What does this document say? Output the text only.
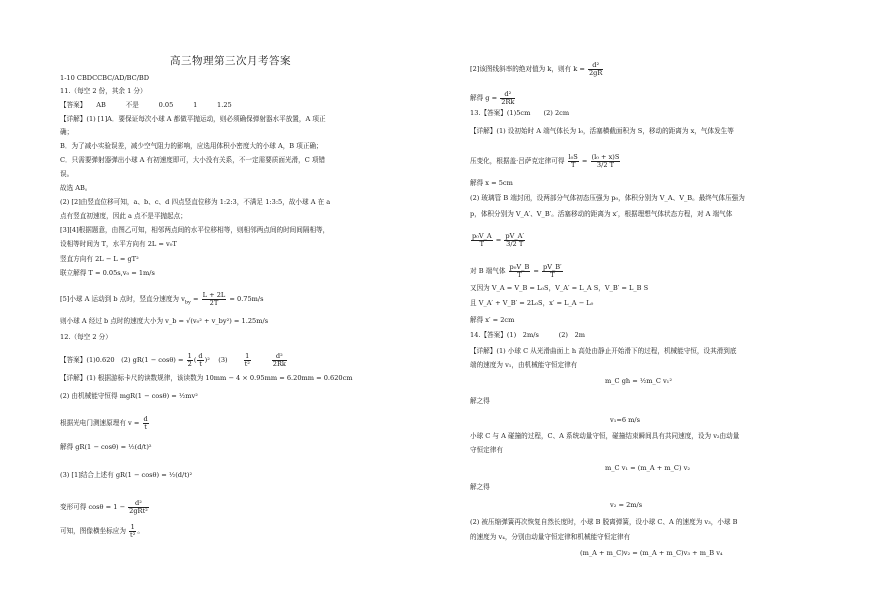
高三物理第三次月考答案
1-10 CBDCCBC/AD/BC/BD
11.（每空 2 份，其余 1 分）
【答案】　　AB　　　不是　　　0.05　　　1　　　1.25
【详解】(1) [1]A．要保证每次小球 A 都做平抛运动，则必须确保弹射器水平放置，A 项正
确；
B．为了减小实验误差，减少空气阻力的影响，应选用体积小密度大的小球 A，B 项正确；
C．只需要弹射器弹出小球 A 有初速度即可，大小没有关系，不一定需要质面光滑，C 项错
误。
故选 AB。
(2) [2]由竖直位移可知，a、b、c、d 四点竖直位移为 1:2:3，不满足 1:3:5，故小球 A 在 a
点有竖直初速度，因此 a 点不是平抛起点；
[3][4]根据题意，由图乙可知，相邻两点间的水平位移相等，则相邻两点间的时间间隔相等，
设相等时间为 T，水平方向有 2L = v₀T
竖直方向有 2L − L = gT²
联立解得 T = 0.05s,v₀ = 1m/s
[5]小球 A 运动到 b 点时，竖直分速度为 $v_{by} = \frac{L + 2L}{2T} = 0.75m/s$
则小球 A 经过 b 点时的速度大小为 v_b = √(v₀² + v_by²) = 1.25m/s
12.（每空 2 分）
【答案】(1)0.620　(2) $gR(1 - \cos\theta) = \frac{1}{2}$ ( $\frac{d}{t} )^2$    (3)　 $\frac{1}{\text{t²}}$
	$\frac{\text{d²}}{2Rk}$
【详解】(1) 根据游标卡尺的读数规律，该读数为 10mm − 4 × 0.95mm = 6.20mm = 0.620cm
(2) 由机械能守恒得 mgR(1 − cosθ) = ½mv²
根据光电门测速原理有 $v = \frac{d}{t}$
解得 gR(1 − cosθ) = ½(d/t)²
(3) [1]结合上述有 gR(1 − cosθ) = ½(d/t)²
变形可得 $\cos\theta = 1 - \frac{\text{d²}}{\text{2gRt²}}$
可知，图像横坐标应为 $\frac{1}{\text{t²}}$ 。
[2]该图线斜率的绝对值为 k，则有 $k = \frac{\text{d²}}{2gR}$
解得 $g = \frac{\text{d²}}{2Rk}$
13.【答案】(1)5cm　　(2) 2cm
【详解】(1) 设初始时 A 端气体长为 l₀，活塞横截面积为 S，移动的距离为 x，气体发生等
压变化，根据盖·吕萨克定律可得 $\frac{\text{l₀S}}{T} = \frac{\text{(l₀ + x)S}}{3/2 T}$
解得 x = 5cm
(2) 玻璃管 B 端封闭，设两部分气体初态压强为 p₀，体积分别为 V_A、V_B。最终气体压强为
p，体积分别为 V_A′、V_B′。活塞移动的距离为 x′，根据理想气体状态方程，对 A 端气体
$\frac{\text{p₀V\_A}}{T} = \frac{pV\_A'}{3/2 T}$
对 B 端气体 $\frac{\text{p₀V\_B}}{T} = \frac{pV\_B'}{T}$
又因为 V_A = V_B = L₀S，V_A′ = L_A S，V_B′ = L_B S
且 V_A′ + V_B′ = 2L₀S，x′ = L_A − L₀
解得 x′ = 2cm
14.【答案】(1)　2m/s　　　(2)　2m
【详解】(1) 小球 C 从光滑曲面上 h 高处由静止开始滑下的过程，机械能守恒，设其滑到底
端的速度为 v₁，由机械能守恒定律有
m_C gh = ½m_C v₁²
解之得
v₁=6 m/s
小球 C 与 A 碰撞的过程，C、A 系统动量守恒，碰撞结束瞬间具有共同速度，设为 v₂由动量
守恒定律有
m_C v₁ = (m_A + m_C) v₂
解之得
v₂ = 2m/s
(2) 被压缩弹簧再次恢复自然长度时，小球 B 脱离弹簧，设小球 C、A 的速度为 v₃，小球 B
的速度为 v₄，分别由动量守恒定律和机械能守恒定律有
(m_A + m_C)v₂ = (m_A + m_C)v₃ + m_B v₄
